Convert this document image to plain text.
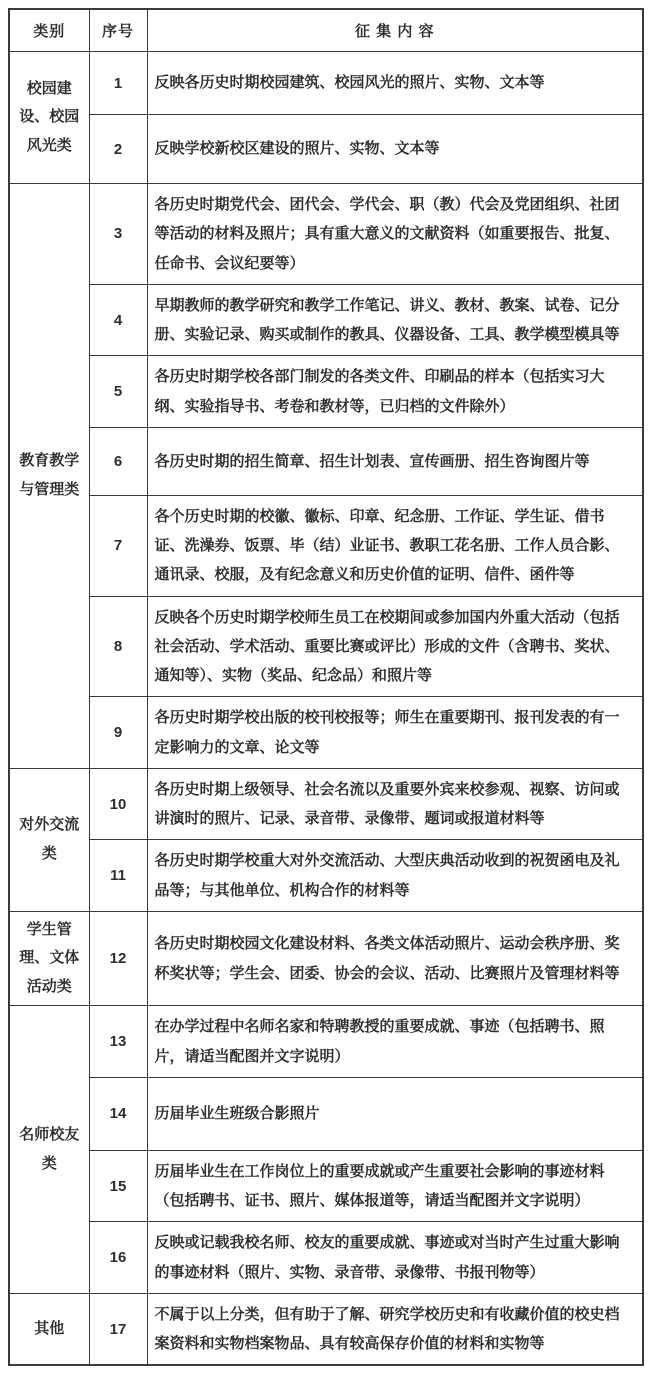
类别	序号	征 集 内 容
校园建设、校园风光类	1	反映各历史时期校园建筑、校园风光的照片、实物、文本等
	2	反映学校新校区建设的照片、实物、文本等
教育教学与管理类	3	各历史时期党代会、团代会、学代会、职（教）代会及党团组织、社团等活动的材料及照片；具有重大意义的文献资料（如重要报告、批复、任命书、会议纪要等）
	4	早期教师的教学研究和教学工作笔记、讲义、教材、教案、试卷、记分册、实验记录、购买或制作的教具、仪器设备、工具、教学模型模具等
	5	各历史时期学校各部门制发的各类文件、印刷品的样本（包括实习大纲、实验指导书、考卷和教材等，已归档的文件除外）
	6	各历史时期的招生简章、招生计划表、宣传画册、招生咨询图片等
	7	各个历史时期的校徽、徽标、印章、纪念册、工作证、学生证、借书证、洗澡券、饭票、毕（结）业证书、教职工花名册、工作人员合影、通讯录、校服，及有纪念意义和历史价值的证明、信件、函件等
	8	反映各个历史时期学校师生员工在校期间或参加国内外重大活动（包括社会活动、学术活动、重要比赛或评比）形成的文件（含聘书、奖状、通知等）、实物（奖品、纪念品）和照片等
	9	各历史时期学校出版的校刊校报等；师生在重要期刊、报刊发表的有一定影响力的文章、论文等
对外交流类	10	各历史时期上级领导、社会名流以及重要外宾来校参观、视察、访问或讲演时的照片、记录、录音带、录像带、题词或报道材料等
	11	各历史时期学校重大对外交流活动、大型庆典活动收到的祝贺函电及礼品等；与其他单位、机构合作的材料等
学生管理、文体活动类	12	各历史时期校园文化建设材料、各类文体活动照片、运动会秩序册、奖杯奖状等；学生会、团委、协会的会议、活动、比赛照片及管理材料等
名师校友类	13	在办学过程中名师名家和特聘教授的重要成就、事迹（包括聘书、照片，请适当配图并文字说明）
	14	历届毕业生班级合影照片
	15	历届毕业生在工作岗位上的重要成就或产生重要社会影响的事迹材料（包括聘书、证书、照片、媒体报道等，请适当配图并文字说明）
	16	反映或记载我校名师、校友的重要成就、事迹或对当时产生过重大影响的事迹材料（照片、实物、录音带、录像带、书报刊物等）
其他	17	不属于以上分类，但有助于了解、研究学校历史和有收藏价值的校史档案资料和实物档案物品、具有较高保存价值的材料和实物等
